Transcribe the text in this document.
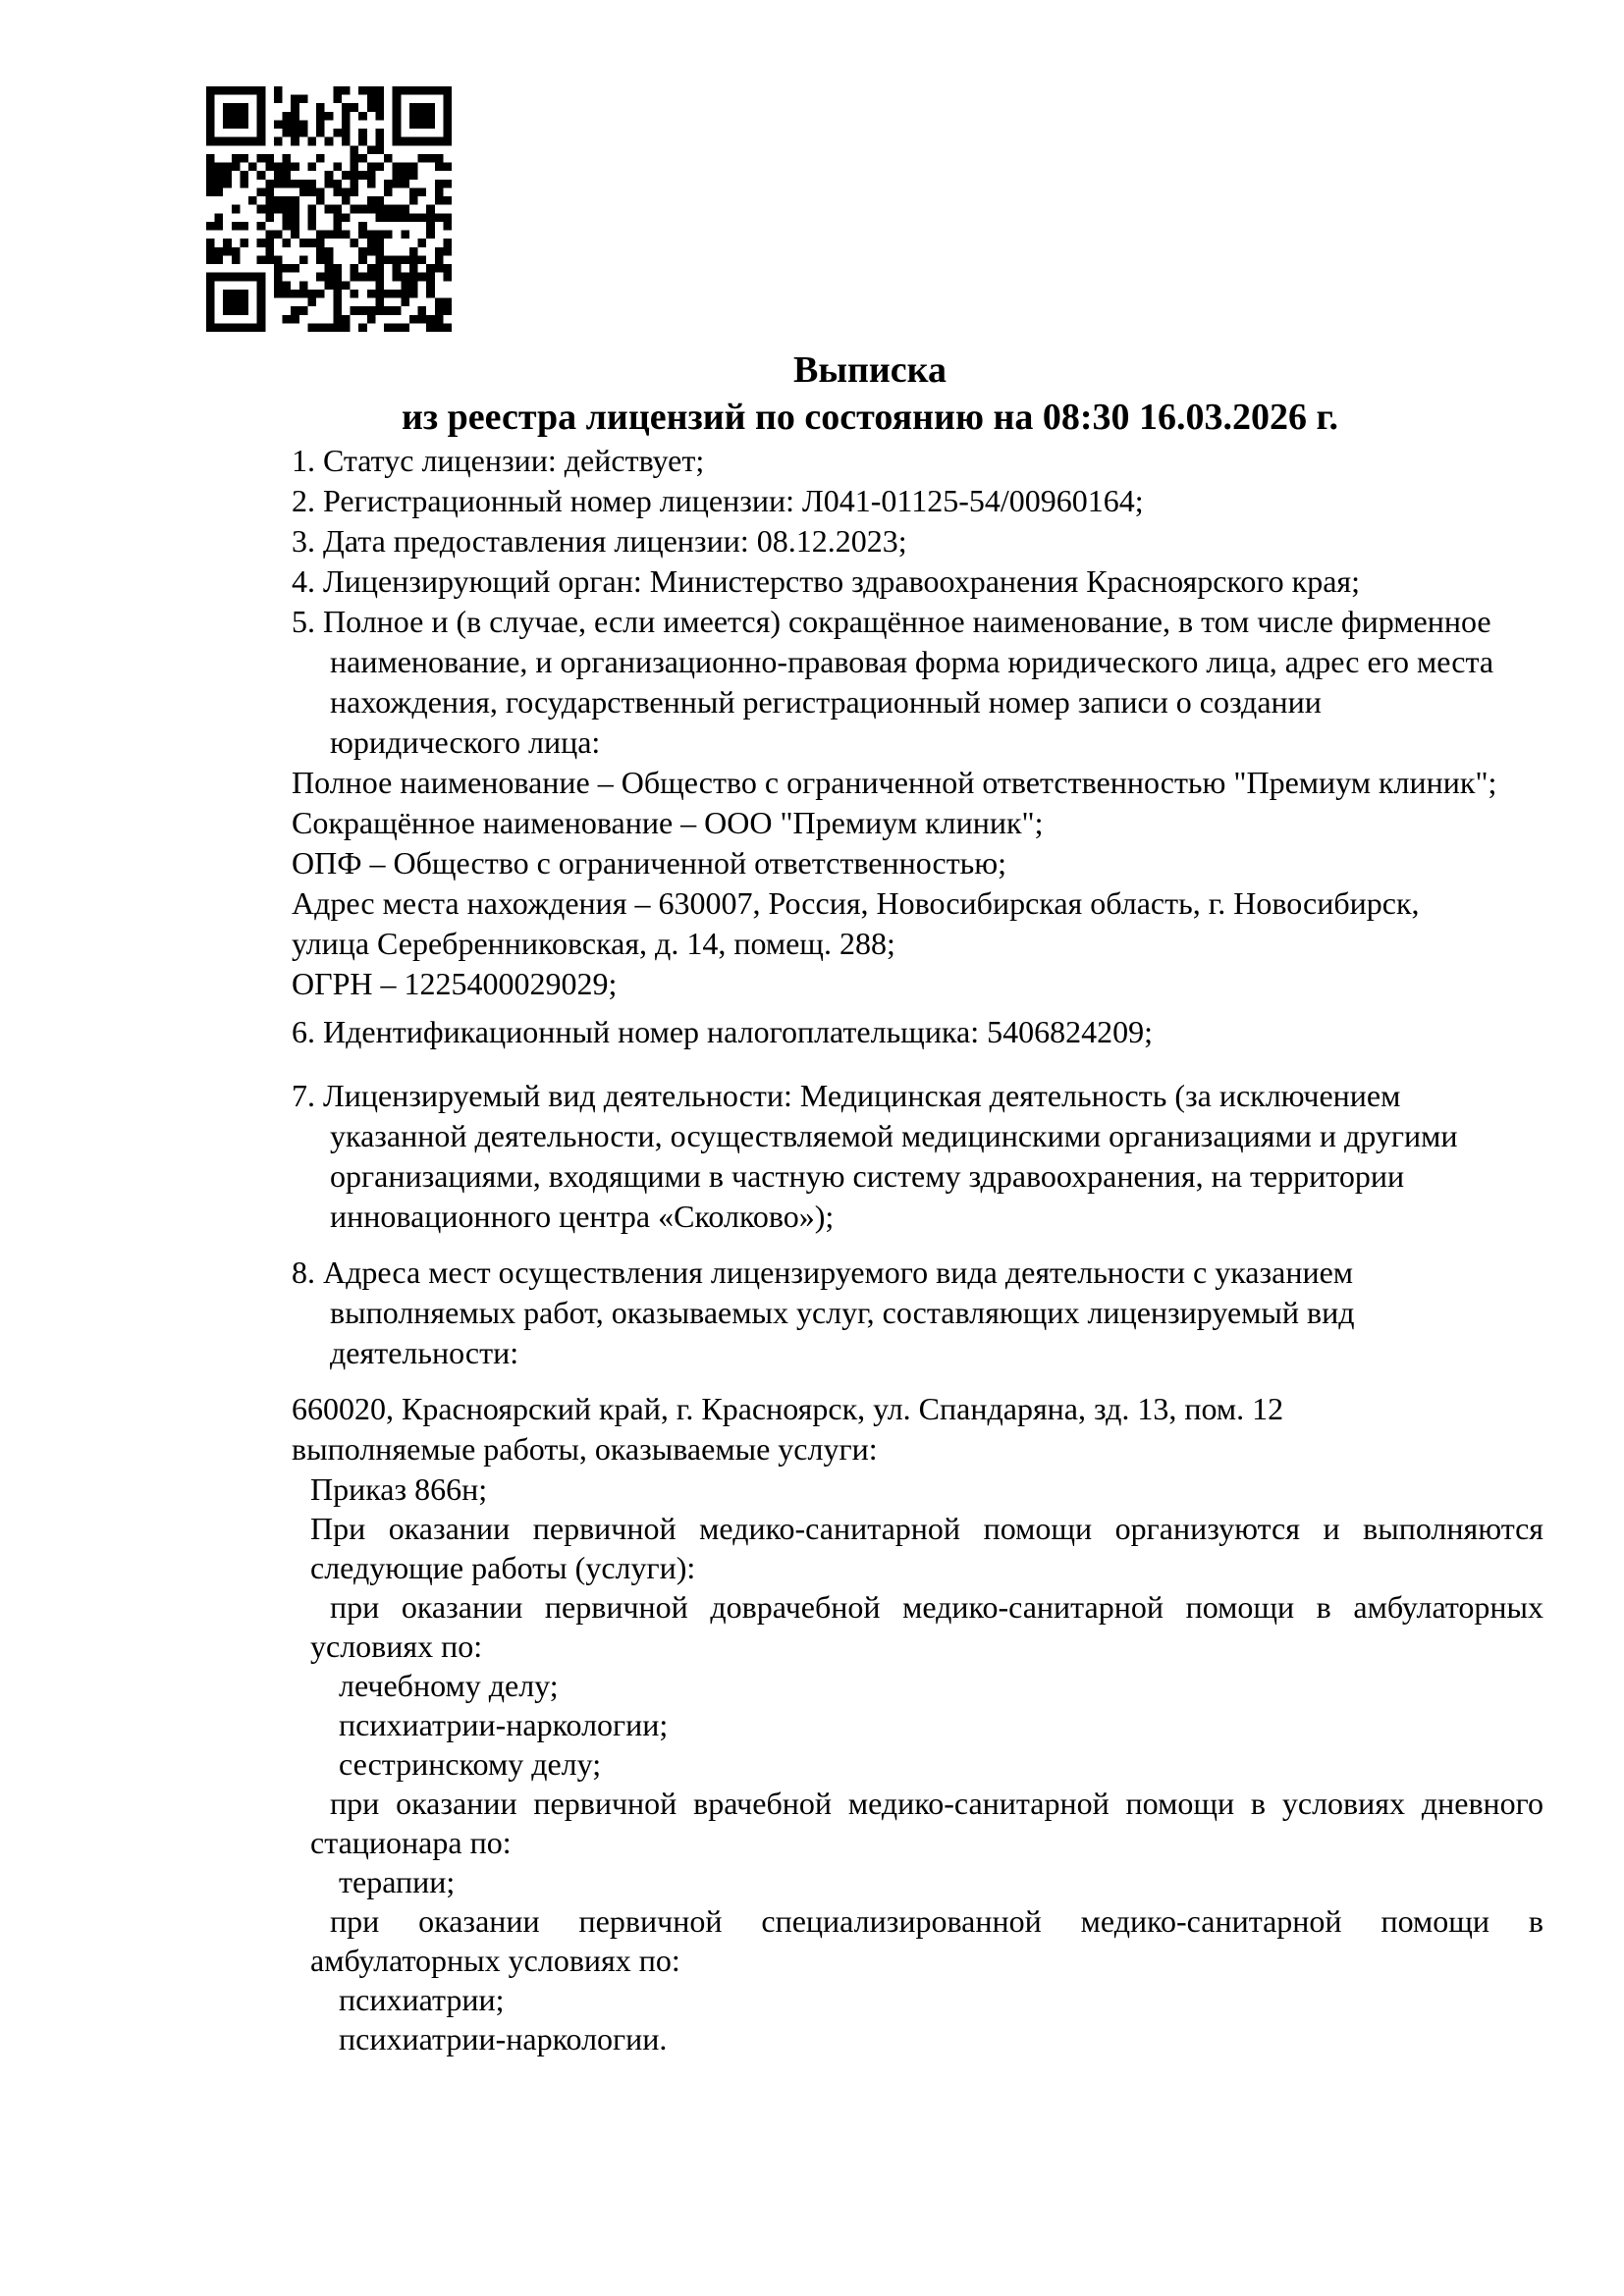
Выписка
из реестра лицензий по состоянию на 08:30 16.03.2026 г.
1. Статус лицензии: действует;
2. Регистрационный номер лицензии: Л041-01125-54/00960164;
3. Дата предоставления лицензии: 08.12.2023;
4. Лицензирующий орган: Министерство здравоохранения Красноярского края;
5. Полное и (в случае, если имеется) сокращённое наименование, в том числе фирменное
наименование, и организационно-правовая форма юридического лица, адрес его места
нахождения, государственный регистрационный номер записи о создании
юридического лица:
Полное наименование – Общество с ограниченной ответственностью "Премиум клиник";
Сокращённое наименование – ООО "Премиум клиник";
ОПФ – Общество с ограниченной ответственностью;
Адрес места нахождения – 630007, Россия, Новосибирская область, г. Новосибирск,
улица Серебренниковская, д. 14, помещ. 288;
ОГРН – 1225400029029;
6. Идентификационный номер налогоплательщика: 5406824209;
7. Лицензируемый вид деятельности: Медицинская деятельность (за исключением
указанной деятельности, осуществляемой медицинскими организациями и другими
организациями, входящими в частную систему здравоохранения, на территории
инновационного центра «Сколково»);
8. Адреса мест осуществления лицензируемого вида деятельности с указанием
выполняемых работ, оказываемых услуг, составляющих лицензируемый вид
деятельности:
660020, Красноярский край, г. Красноярск, ул. Спандаряна, зд. 13, пом. 12
выполняемые работы, оказываемые услуги:
Приказ 866н;
При оказании первичной медико-санитарной помощи организуются и выполняются
следующие работы (услуги):
при оказании первичной доврачебной медико-санитарной помощи в амбулаторных
условиях по:
лечебному делу;
психиатрии-наркологии;
сестринскому делу;
при оказании первичной врачебной медико-санитарной помощи в условиях дневного
стационара по:
терапии;
при оказании первичной специализированной медико-санитарной помощи в
амбулаторных условиях по:
психиатрии;
психиатрии-наркологии.
